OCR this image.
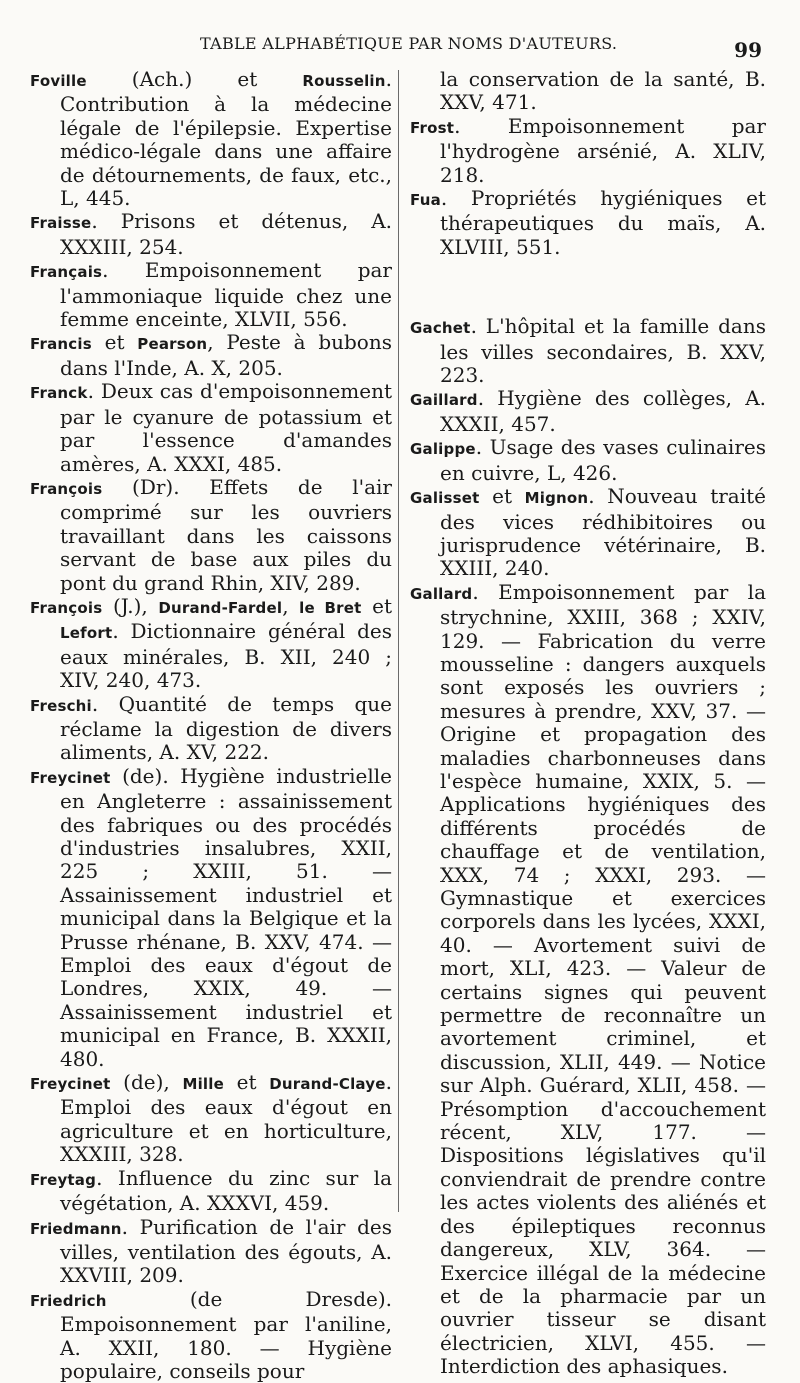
TABLE ALPHABÉTIQUE PAR NOMS D'AUTEURS.	99

Foville (Ach.) et Rousselin. Contribution à la médecine légale de l'épilepsie. Expertise médico-légale dans une affaire de détournements, de faux, etc., L, 445.

Fraisse. Prisons et détenus, A. XXXIII, 254.

Français. Empoisonnement par l'ammoniaque liquide chez une femme enceinte, XLVII, 556.

Francis et Pearson, Peste à bubons dans l'Inde, A. X, 205.

Franck. Deux cas d'empoisonnement par le cyanure de potassium et par l'essence d'amandes amères, A. XXXI, 485.

François (Dr). Effets de l'air comprimé sur les ouvriers travaillant dans les caissons servant de base aux piles du pont du grand Rhin, XIV, 289.

François (J.), Durand-Fardel, le Bret et Lefort. Dictionnaire général des eaux minérales, B. XII, 240 ; XIV, 240, 473.

Freschi. Quantité de temps que réclame la digestion de divers aliments, A. XV, 222.

Freycinet (de). Hygiène industrielle en Angleterre : assainissement des fabriques ou des procédés d'industries insalubres, XXII, 225 ; XXIII, 51. — Assainissement industriel et municipal dans la Belgique et la Prusse rhénane, B. XXV, 474. — Emploi des eaux d'égout de Londres, XXIX, 49. — Assainissement industriel et municipal en France, B. XXXII, 480.

Freycinet (de), Mille et Durand-Claye. Emploi des eaux d'égout en agriculture et en horticulture, XXXIII, 328.

Freytag. Influence du zinc sur la végétation, A. XXXVI, 459.

Friedmann. Purification de l'air des villes, ventilation des égouts, A. XXVIII, 209.

Friedrich (de Dresde). Empoisonnement par l'aniline, A. XXII, 180. — Hygiène populaire, conseils pour

la conservation de la santé, B. XXV, 471.

Frost. Empoisonnement par l'hydrogène arsénié, A. XLIV, 218.

Fua. Propriétés hygiéniques et thérapeutiques du maïs, A. XLVIII, 551.

Gachet. L'hôpital et la famille dans les villes secondaires, B. XXV, 223.

Gaillard. Hygiène des collèges, A. XXXII, 457.

Galippe. Usage des vases culinaires en cuivre, L, 426.

Galisset et Mignon. Nouveau traité des vices rédhibitoires ou jurisprudence vétérinaire, B. XXIII, 240.

Gallard. Empoisonnement par la strychnine, XXIII, 368 ; XXIV, 129. — Fabrication du verre mousseline : dangers auxquels sont exposés les ouvriers ; mesures à prendre, XXV, 37. — Origine et propagation des maladies charbonneuses dans l'espèce humaine, XXIX, 5. — Applications hygiéniques des différents procédés de chauffage et de ventilation, XXX, 74 ; XXXI, 293. — Gymnastique et exercices corporels dans les lycées, XXXI, 40. — Avortement suivi de mort, XLI, 423. — Valeur de certains signes qui peuvent permettre de reconnaître un avortement criminel, et discussion, XLII, 449. — Notice sur Alph. Guérard, XLII, 458. — Présomption d'accouchement récent, XLV, 177. — Dispositions législatives qu'il conviendrait de prendre contre les actes violents des aliénés et des épileptiques reconnus dangereux, XLV, 364. — Exercice illégal de la médecine et de la pharmacie par un ouvrier tisseur se disant électricien, XLVI, 455. — Interdiction des aphasiques.
